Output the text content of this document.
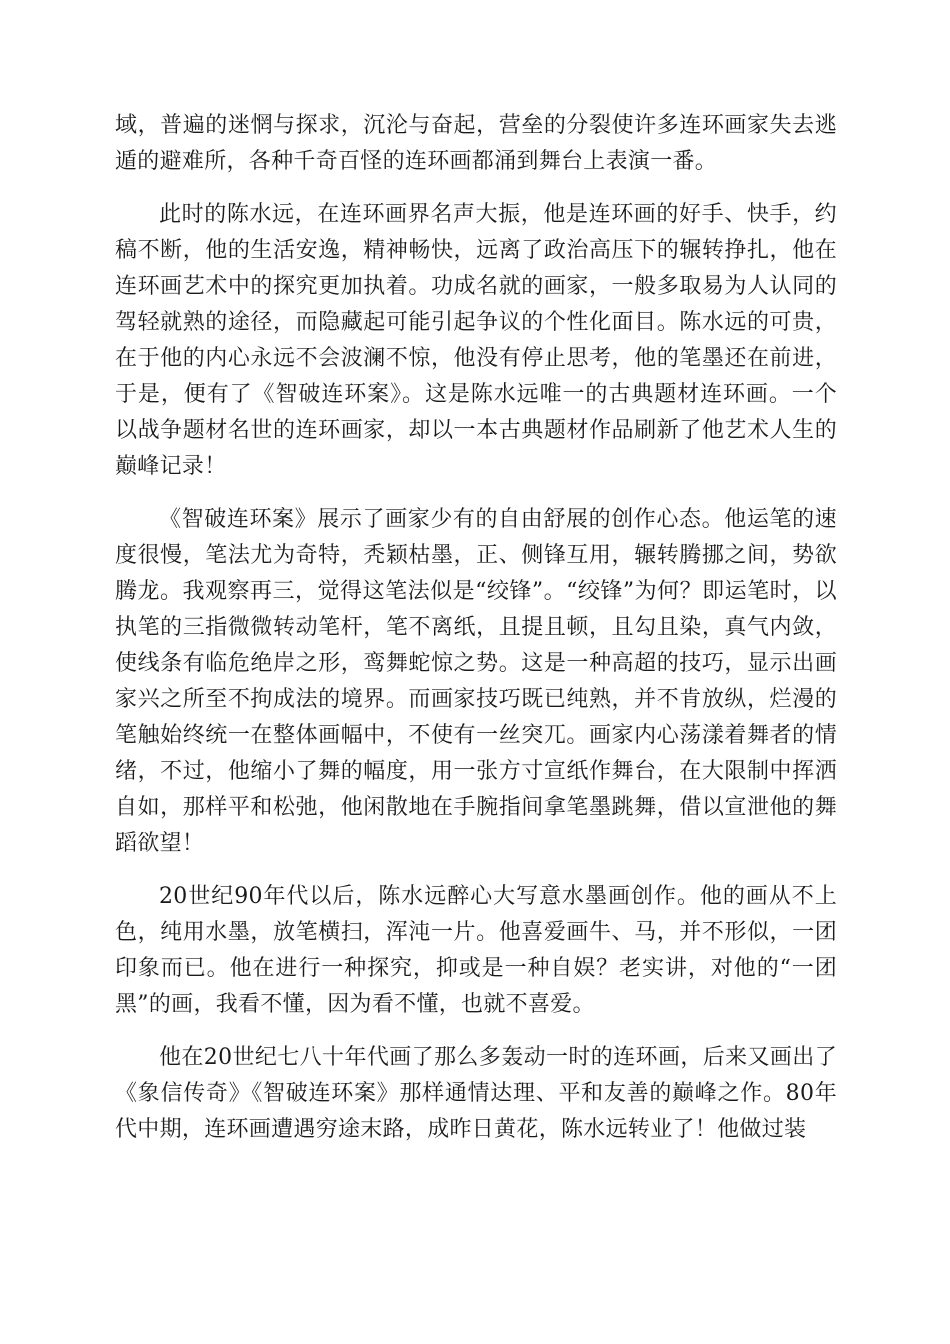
域，普遍的迷惘与探求，沉沦与奋起，营垒的分裂使许多连环画家失去逃遁的避难所，各种千奇百怪的连环画都涌到舞台上表演一番。

此时的陈水远，在连环画界名声大振，他是连环画的好手、快手，约稿不断，他的生活安逸，精神畅快，远离了政治高压下的辗转挣扎，他在连环画艺术中的探究更加执着。功成名就的画家，一般多取易为人认同的驾轻就熟的途径，而隐藏起可能引起争议的个性化面目。陈水远的可贵，在于他的内心永远不会波澜不惊，他没有停止思考，他的笔墨还在前进，于是，便有了《智破连环案》。这是陈水远唯一的古典题材连环画。一个以战争题材名世的连环画家，却以一本古典题材作品刷新了他艺术人生的巅峰记录！

《智破连环案》展示了画家少有的自由舒展的创作心态。他运笔的速度很慢，笔法尤为奇特，秃颖枯墨，正、侧锋互用，辗转腾挪之间，势欲腾龙。我观察再三，觉得这笔法似是“绞锋”。“绞锋”为何？即运笔时，以执笔的三指微微转动笔杆，笔不离纸，且提且顿，且勾且染，真气内敛，使线条有临危绝岸之形，鸾舞蛇惊之势。这是一种高超的技巧，显示出画家兴之所至不拘成法的境界。而画家技巧既已纯熟，并不肯放纵，烂漫的笔触始终统一在整体画幅中，不使有一丝突兀。画家内心荡漾着舞者的情绪，不过，他缩小了舞的幅度，用一张方寸宣纸作舞台，在大限制中挥洒自如，那样平和松弛，他闲散地在手腕指间拿笔墨跳舞，借以宣泄他的舞蹈欲望！

20世纪90年代以后，陈水远醉心大写意水墨画创作。他的画从不上色，纯用水墨，放笔横扫，浑沌一片。他喜爱画牛、马，并不形似，一团印象而已。他在进行一种探究，抑或是一种自娱？老实讲，对他的“一团黑”的画，我看不懂，因为看不懂，也就不喜爱。

他在20世纪七八十年代画了那么多轰动一时的连环画，后来又画出了《象信传奇》《智破连环案》那样通情达理、平和友善的巅峰之作。80年代中期，连环画遭遇穷途末路，成昨日黄花，陈水远转业了！他做过装
